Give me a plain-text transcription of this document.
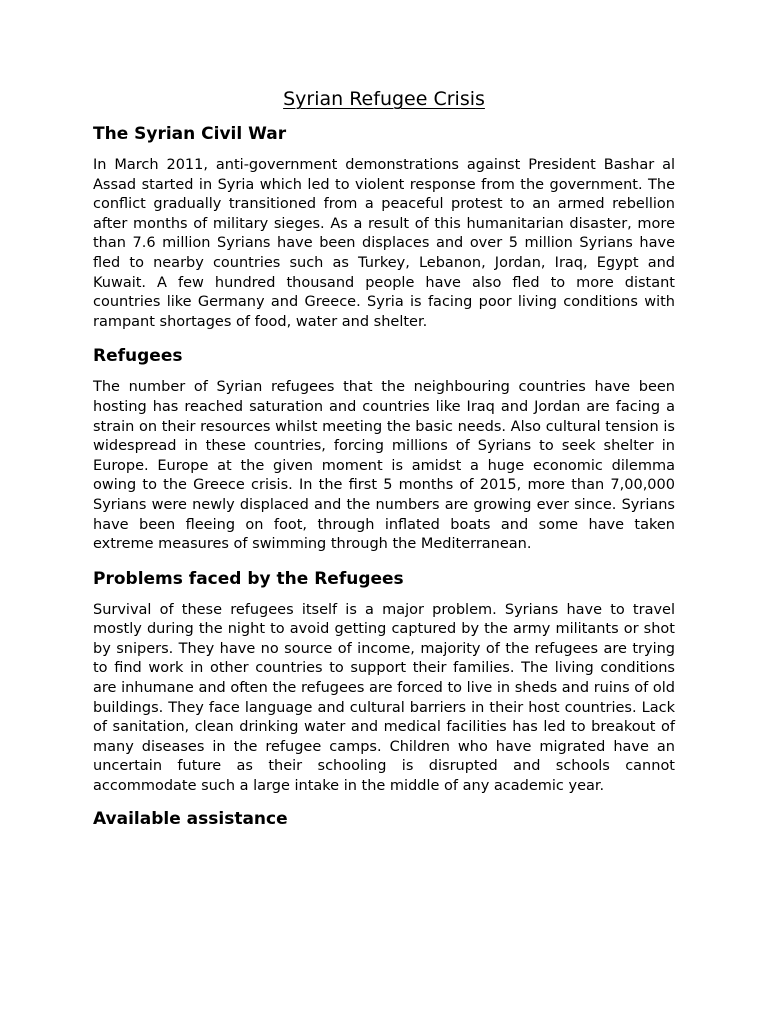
Syrian Refugee Crisis
The Syrian Civil War

In March 2011, anti-government demonstrations against President Bashar al Assad started in Syria which led to violent response from the government. The conflict gradually transitioned from a peaceful protest to an armed rebellion after months of military sieges. As a result of this humanitarian disaster, more than 7.6 million Syrians have been displaces and over 5 million Syrians have fled to nearby countries such as Turkey, Lebanon, Jordan, Iraq, Egypt and Kuwait. A few hundred thousand people have also fled to more distant countries like Germany and Greece. Syria is facing poor living conditions with rampant shortages of food, water and shelter.

Refugees

The number of Syrian refugees that the neighbouring countries have been hosting has reached saturation and countries like Iraq and Jordan are facing a strain on their resources whilst meeting the basic needs. Also cultural tension is widespread in these countries, forcing millions of Syrians to seek shelter in Europe. Europe at the given moment is amidst a huge economic dilemma owing to the Greece crisis. In the first 5 months of 2015, more than 7,00,000 Syrians were newly displaced and the numbers are growing ever since. Syrians have been fleeing on foot, through inflated boats and some have taken extreme measures of swimming through the Mediterranean.

Problems faced by the Refugees

Survival of these refugees itself is a major problem. Syrians have to travel mostly during the night to avoid getting captured by the army militants or shot by snipers. They have no source of income, majority of the refugees are trying to find work in other countries to support their families. The living conditions are inhumane and often the refugees are forced to live in sheds and ruins of old buildings. They face language and cultural barriers in their host countries. Lack of sanitation, clean drinking water and medical facilities has led to breakout of many diseases in the refugee camps. Children who have migrated have an uncertain future as their schooling is disrupted and schools cannot accommodate such a large intake in the middle of any academic year.

Available assistance
